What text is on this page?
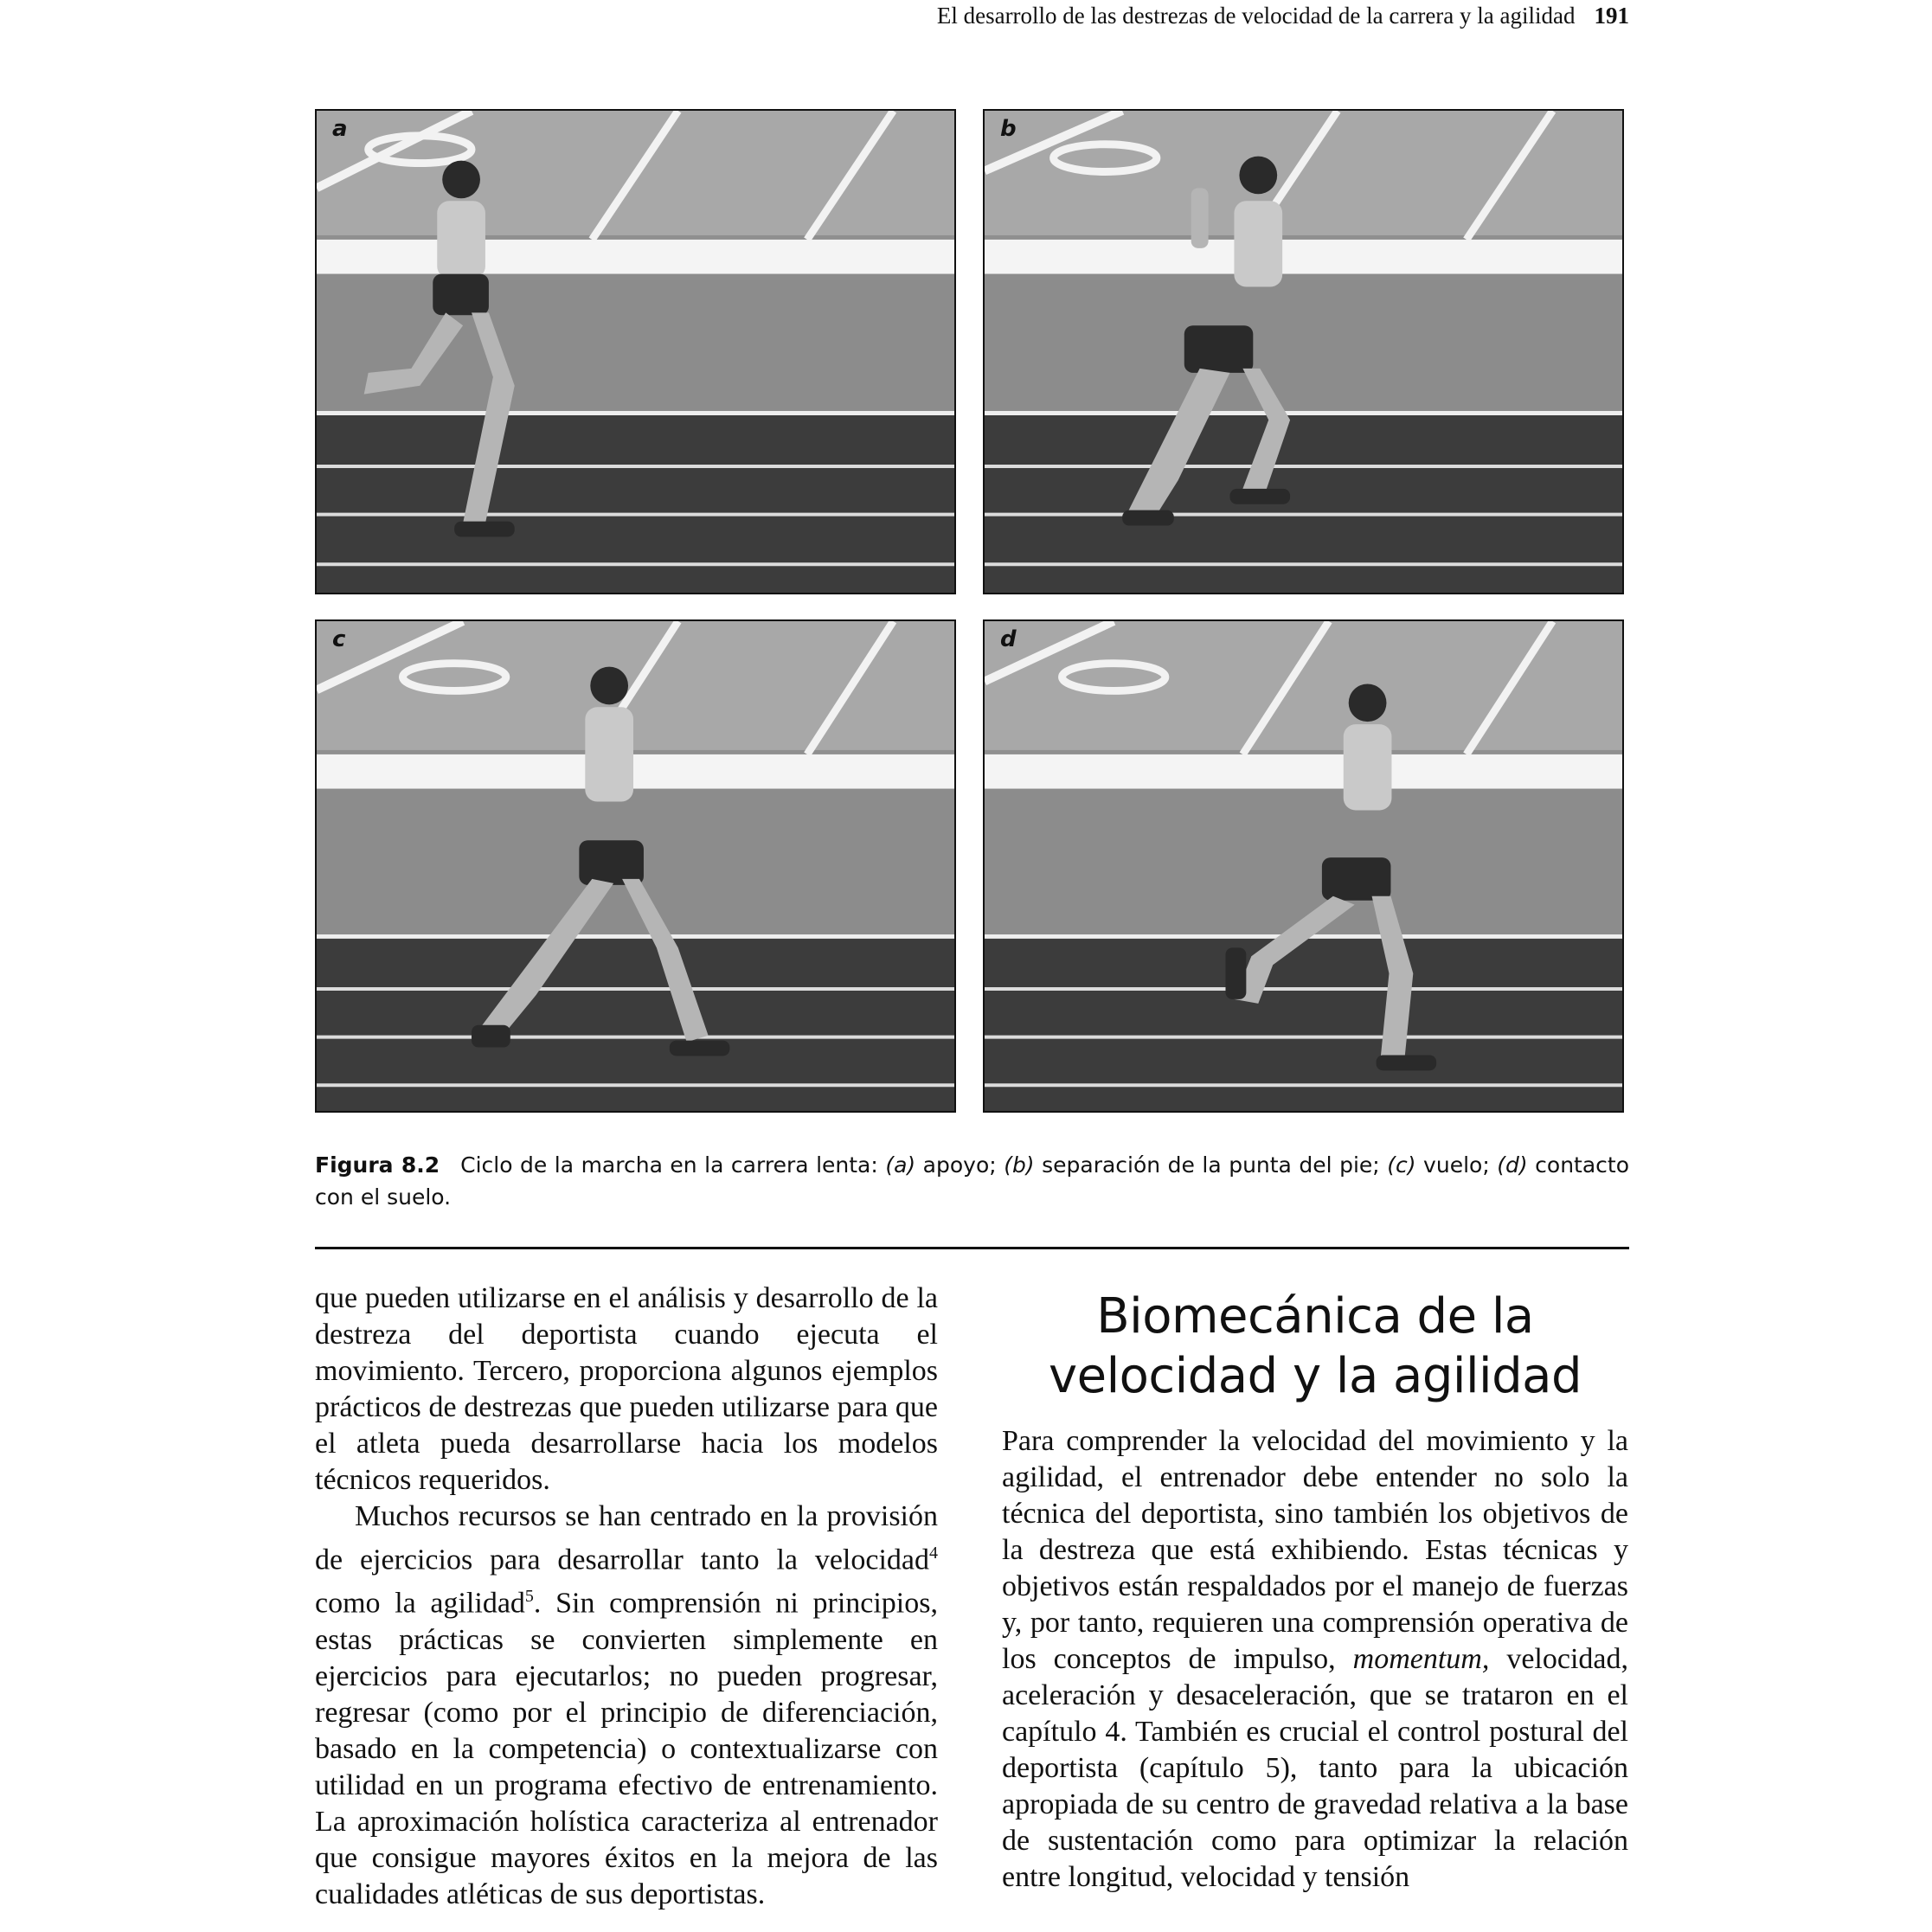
El desarrollo de las destrezas de velocidad de la carrera y la agilidad 191
a	b
c	d
Figura 8.2 Ciclo de la marcha en la carrera lenta: (a) apoyo; (b) separación de la punta del pie; (c) vuelo; (d) contacto con el suelo.

que pueden utilizarse en el análisis y desarrollo de la destreza del deportista cuando ejecuta el movimiento. Tercero, proporciona algunos ejemplos prácticos de destrezas que pueden utilizarse para que el atleta pueda desarrollarse hacia los modelos técnicos requeridos.

Muchos recursos se han centrado en la provisión de ejercicios para desarrollar tanto la velocidad$^4$ como la agilidad$^5$. Sin comprensión ni principios, estas prácticas se convierten simplemente en ejercicios para ejecutarlos; no pueden progresar, regresar (como por el principio de diferenciación, basado en la competencia) o contextualizarse con utilidad en un programa efectivo de entrenamiento. La aproximación holística caracteriza al entrenador que consigue mayores éxitos en la mejora de las cualidades atléticas de sus deportistas.

Biomecánica de la
velocidad y la agilidad

Para comprender la velocidad del movimiento y la agilidad, el entrenador debe entender no solo la técnica del deportista, sino también los objetivos de la destreza que está exhibiendo. Estas técnicas y objetivos están respaldados por el manejo de fuerzas y, por tanto, requieren una comprensión operativa de los conceptos de impulso, momentum, velocidad, aceleración y desaceleración, que se trataron en el capítulo 4. También es crucial el control postural del deportista (capítulo 5), tanto para la ubicación apropiada de su centro de gravedad relativa a la base de sustentación como para optimizar la relación entre longitud, velocidad y tensión
